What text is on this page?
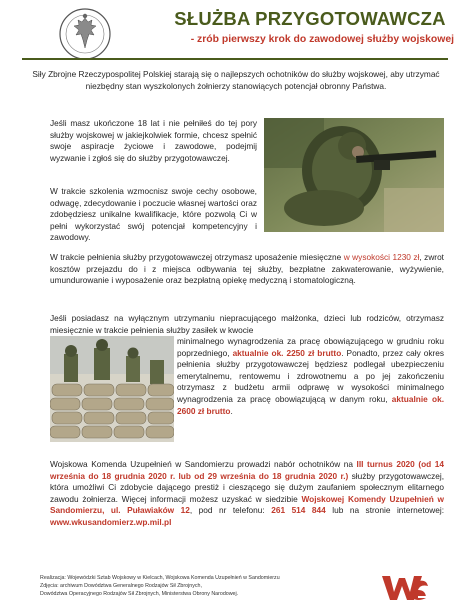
SŁUŻBA PRZYGOTOWAWCZA
- zrób pierwszy krok do zawodowej służby wojskowej
Siły Zbrojne Rzeczypospolitej Polskiej starają się o najlepszych ochotników do służby wojskowej, aby utrzymać niezbędny stan wyszkolonych żołnierzy stanowiących potencjał obronny Państwa.
Jeśli masz ukończone 18 lat i nie pełniłeś do tej pory służby wojskowej w jakiejkolwiek formie, chcesz spełnić swoje aspiracje życiowe i zawodowe, podejmij wyzwanie i zgłoś się do służby przygotowawczej.
W trakcie szkolenia wzmocnisz swoje cechy osobowe, odwagę, zdecydowanie i poczucie własnej wartości oraz zdobędziesz unikalne kwalifikacje, które pozwolą Ci w pełni wykorzystać swój potencjał kompetencyjny i zawodowy.
W trakcie pełnienia służby przygotowawczej otrzymasz uposażenie miesięczne w wysokości 1230 zł, zwrot kosztów przejazdu do i z miejsca odbywania tej służby, bezpłatne zakwaterowanie, wyżywienie, umundurowanie i wyposażenie oraz bezpłatną opiekę medyczną i stomatologiczną.
Jeśli posiadasz na wyłącznym utrzymaniu niepracującego małżonka, dzieci lub rodziców, otrzymasz miesięcznie w trakcie pełnienia służby zasiłek w kwocie
minimalnego wynagrodzenia za pracę obowiązującego w grudniu roku poprzedniego, aktualnie ok. 2250 zł brutto. Ponadto, przez cały okres pełnienia służby przygotowawczej będziesz podlegał ubezpieczeniu emerytalnemu, rentowemu i zdrowotnemu a po jej zakończeniu otrzymasz z budżetu armii odprawę w wysokości minimalnego wynagrodzenia za pracę obowiązującą w danym roku, aktualnie ok. 2600 zł brutto.
Wojskowa Komenda Uzupełnień w Sandomierzu prowadzi nabór ochotników na III turnus 2020 (od 14 września do 18 grudnia 2020 r. lub od 29 września do 18 grudnia 2020 r.) służby przygotowawczej, która umożliwi Ci zdobycie dającego prestiż i cieszącego się dużym zaufaniem społecznym elitarnego zawodu żołnierza. Więcej informacji możesz uzyskać w siedzibie Wojskowej Komendy Uzupełnień w Sandomierzu, ul. Puławiaków 12, pod nr telefonu: 261 514 844 lub na stronie internetowej: www.wkusandomierz.wp.mil.pl
Realizacja: Wojewódzki Sztab Wojskowy w Kielcach, Wojskowa Komenda Uzupełnień w Sandomierzu
Zdjęcia: archiwum Dowództwa Generalnego Rodzajów Sił Zbrojnych,
Dowództwa Operacyjnego Rodzajów Sił Zbrojnych, Ministerstwa Obrony Narodowej.
